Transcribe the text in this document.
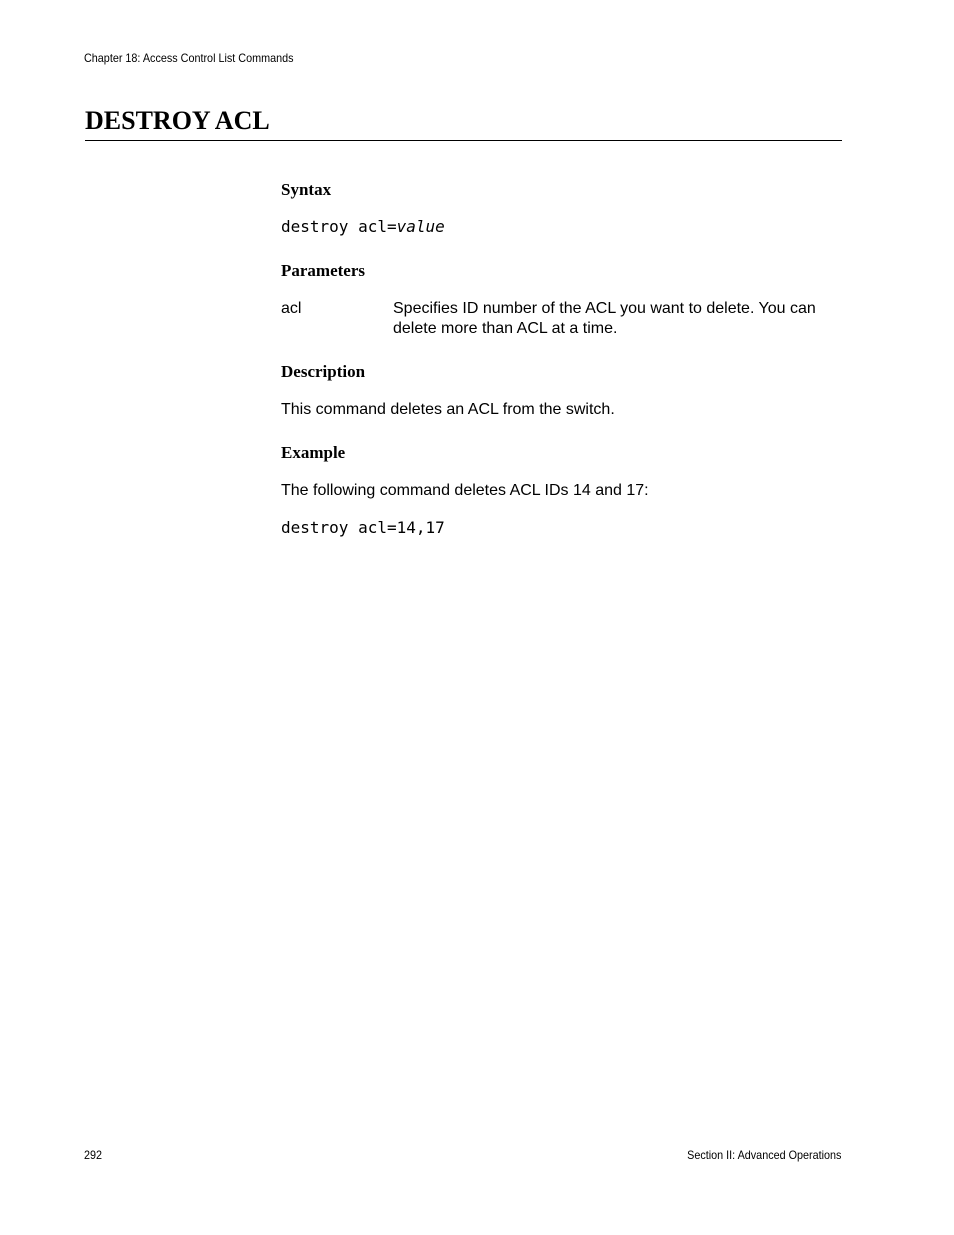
Chapter 18: Access Control List Commands
DESTROY ACL
Syntax
destroy acl=value
Parameters
acl	Specifies ID number of the ACL you want to delete. You can delete more than ACL at a time.
Description
This command deletes an ACL from the switch.
Example
The following command deletes ACL IDs 14 and 17:
destroy acl=14,17
292	Section II: Advanced Operations
